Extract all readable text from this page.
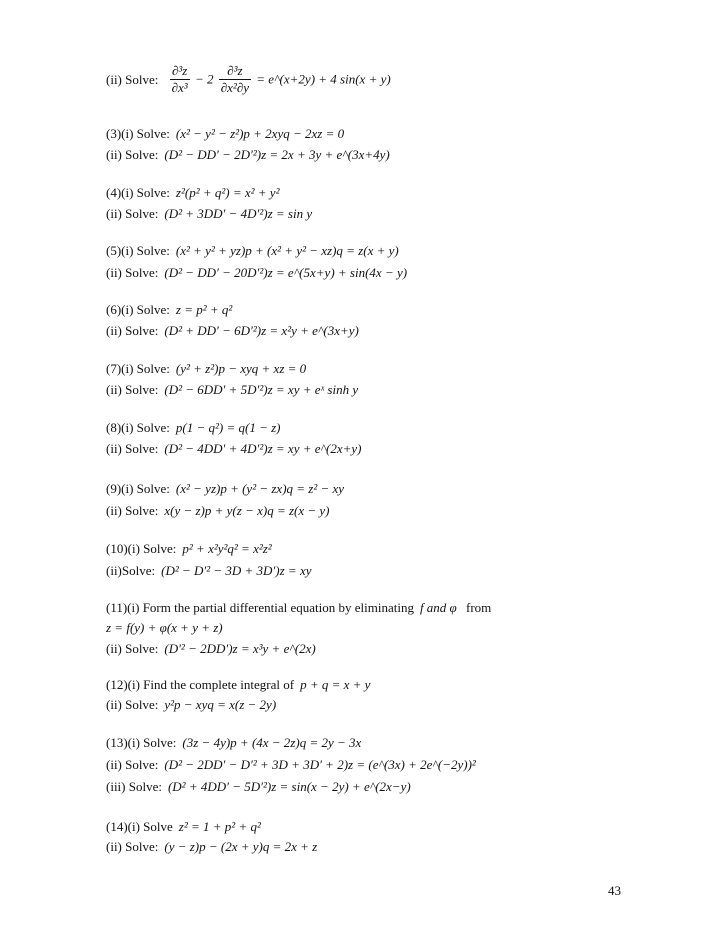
(ii) Solve: $\frac{\text{∂³z}}{\text{∂x³}} - 2 \frac{\text{∂³z}}{\text{∂x²∂y}}$ = e^(x+2y) + 4 sin(x + y)
(3)(i) Solve: (x² − y² − z²)p + 2xyq − 2xz = 0
(ii) Solve: (D² − DD′ − 2D′²)z = 2x + 3y + e^(3x+4y)
(4)(i) Solve: z²(p² + q²) = x² + y²
(ii) Solve: (D² + 3DD′ − 4D′²)z = sin y
(5)(i) Solve: (x² + y² + yz)p + (x² + y² − xz)q = z(x + y)
(ii) Solve: (D² − DD′ − 20D′²)z = e^(5x+y) + sin(4x − y)
(6)(i) Solve: z = p² + q²
(ii) Solve: (D² + DD′ − 6D′²)z = x²y + e^(3x+y)
(7)(i) Solve: (y² + z²)p − xyq + xz = 0
(ii) Solve: (D² − 6DD′ + 5D′²)z = xy + eˣ sinh y
(8)(i) Solve: p(1 − q²) = q(1 − z)
(ii) Solve: (D² − 4DD′ + 4D′²)z = xy + e^(2x+y)
(9)(i) Solve: (x² − yz)p + (y² − zx)q = z² − xy
(ii) Solve: x(y − z)p + y(z − x)q = z(x − y)
(10)(i) Solve: p² + x²y²q² = x²z²
(ii)Solve: (D² − D′² − 3D + 3D′)z = xy
(11)(i) Form the partial differential equation by eliminating f and φ from
z = f(y) + φ(x + y + z)
(ii) Solve: (D′² − 2DD′)z = x³y + e^(2x)
(12)(i) Find the complete integral of p + q = x + y
(ii) Solve: y²p − xyq = x(z − 2y)
(13)(i) Solve: (3z − 4y)p + (4x − 2z)q = 2y − 3x
(ii) Solve: (D² − 2DD′ − D′² + 3D + 3D′ + 2)z = (e^(3x) + 2e^(−2y))²
(iii) Solve: (D² + 4DD′ − 5D′²)z = sin(x − 2y) + e^(2x−y)
(14)(i) Solve z² = 1 + p² + q²
(ii) Solve: (y − z)p − (2x + y)q = 2x + z
43
